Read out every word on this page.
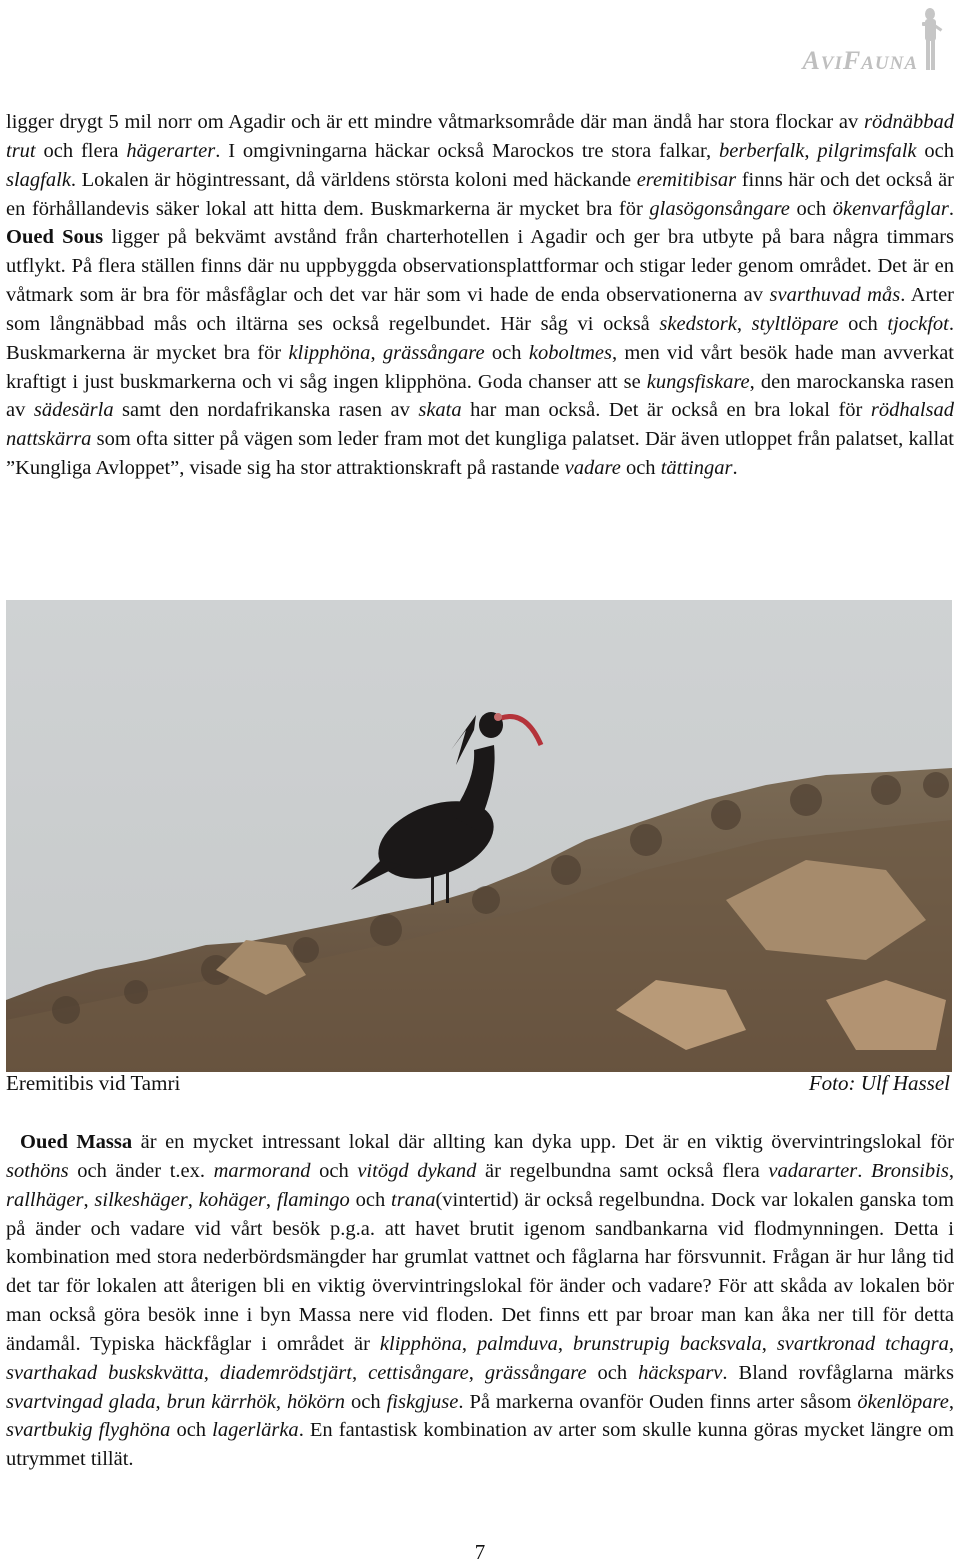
AVIFAUNA

ligger drygt 5 mil norr om Agadir och är ett mindre våtmarksområde där man ändå har stora flockar av rödnäbbad trut och flera hägerarter. I omgivningarna häckar också Marockos tre stora falkar, berberfalk, pilgrimsfalk och slagfalk. Lokalen är högintressant, då världens största koloni med häckande eremitibisar finns här och det också är en förhållandevis säker lokal att hitta dem. Buskmarkerna är mycket bra för glasögonsångare och ökenvarfåglar. Oued Sous ligger på bekvämt avstånd från charterhotellen i Agadir och ger bra utbyte på bara några timmars utflykt. På flera ställen finns där nu uppbyggda observationsplattformar och stigar leder genom området. Det är en våtmark som är bra för måsfåglar och det var här som vi hade de enda observationerna av svarthuvad mås. Arter som långnäbbad mås och iltärna ses också regelbundet. Här såg vi också skedstork, styltlöpare och tjockfot. Buskmarkerna är mycket bra för klipphöna, grässångare och koboltmes, men vid vårt besök hade man avverkat kraftigt i just buskmarkerna och vi såg ingen klipphöna. Goda chanser att se kungsfiskare, den marockanska rasen av sädesärla samt den nordafrikanska rasen av skata har man också. Det är också en bra lokal för rödhalsad nattskärra som ofta sitter på vägen som leder fram mot det kungliga palatset. Där även utloppet från palatset, kallat ”Kungliga Avloppet”, visade sig ha stor attraktionskraft på rastande vadare och tättingar.

Eremitibis vid Tamri	Foto: Ulf Hassel

Oued Massa är en mycket intressant lokal där allting kan dyka upp. Det är en viktig övervintringslokal för sothöns och änder t.ex. marmorand och vitögd dykand är regelbundna samt också flera vadararter. Bronsibis, rallhäger, silkeshäger, kohäger, flamingo och trana(vintertid) är också regelbundna. Dock var lokalen ganska tom på änder och vadare vid vårt besök p.g.a. att havet brutit igenom sandbankarna vid flodmynningen. Detta i kombination med stora nederbördsmängder har grumlat vattnet och fåglarna har försvunnit. Frågan är hur lång tid det tar för lokalen att återigen bli en viktig övervintringslokal för änder och vadare? För att skåda av lokalen bör man också göra besök inne i byn Massa nere vid floden. Det finns ett par broar man kan åka ner till för detta ändamål. Typiska häckfåglar i området är klipphöna, palmduva, brunstrupig backsvala, svartkronad tchagra, svarthakad buskskvätta, diademrödstjärt, cettisångare, grässångare och häcksparv. Bland rovfåglarna märks svartvingad glada, brun kärrhök, hökörn och fiskgjuse. På markerna ovanför Ouden finns arter såsom ökenlöpare, svartbukig flyghöna och lagerlärka. En fantastisk kombination av arter som skulle kunna göras mycket längre om utrymmet tillät.

7
